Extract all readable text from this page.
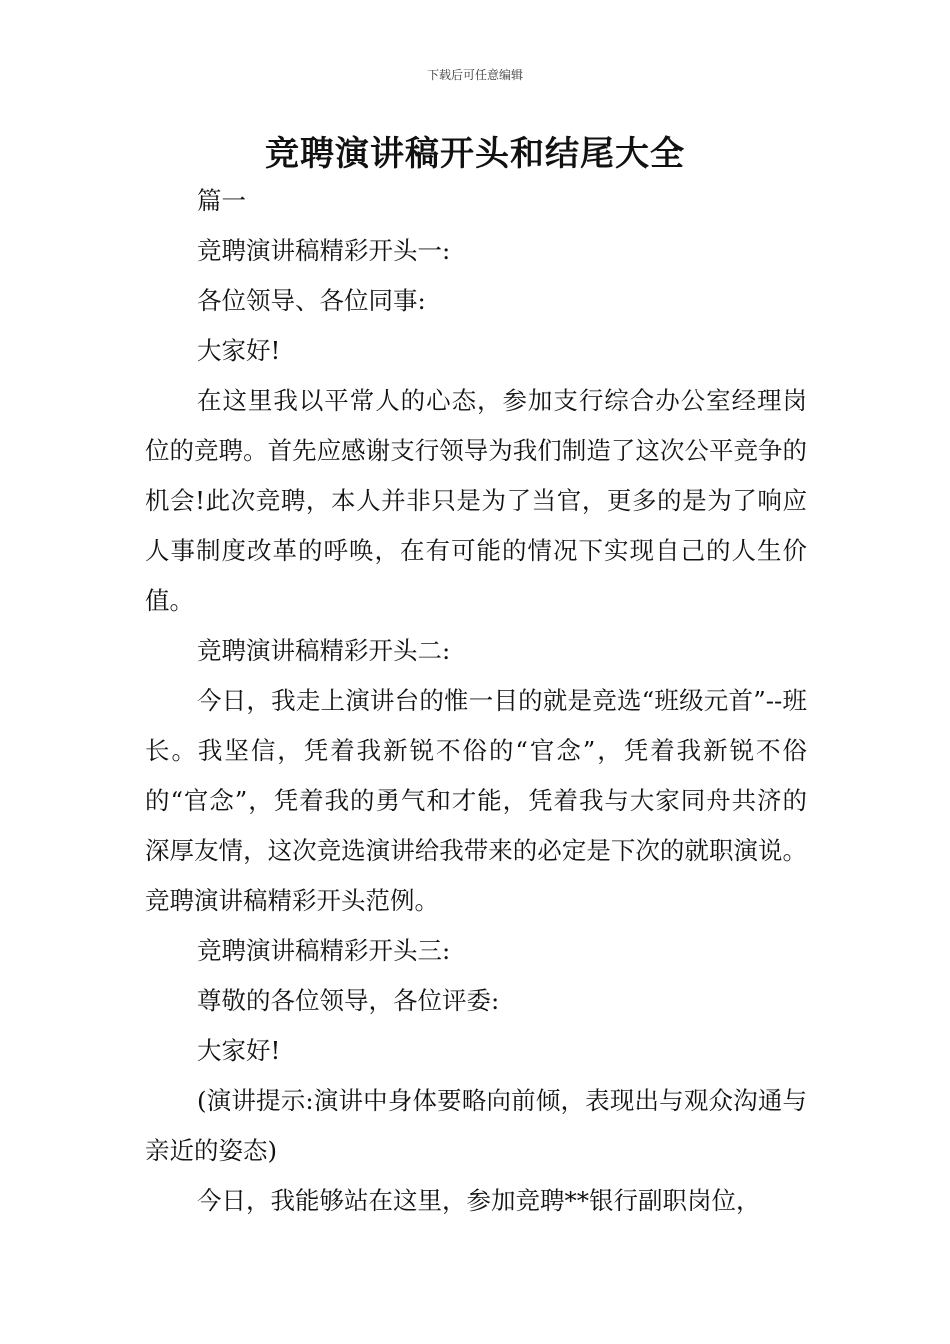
下载后可任意编辑
竞聘演讲稿开头和结尾大全

篇一

竞聘演讲稿精彩开头一:

各位领导、各位同事:

大家好!

在这里我以平常人的心态，参加支行综合办公室经理岗位的竞聘。首先应感谢支行领导为我们制造了这次公平竞争的机会!此次竞聘，本人并非只是为了当官，更多的是为了响应人事制度改革的呼唤，在有可能的情况下实现自己的人生价值。

竞聘演讲稿精彩开头二:

今日，我走上演讲台的惟一目的就是竞选“班级元首”--班长。我坚信，凭着我新锐不俗的“官念”，凭着我新锐不俗的“官念”，凭着我的勇气和才能，凭着我与大家同舟共济的深厚友情，这次竞选演讲给我带来的必定是下次的就职演说。竞聘演讲稿精彩开头范例。

竞聘演讲稿精彩开头三:

尊敬的各位领导，各位评委:

大家好!

(演讲提示:演讲中身体要略向前倾，表现出与观众沟通与亲近的姿态)

今日，我能够站在这里，参加竞聘**银行副职岗位，
